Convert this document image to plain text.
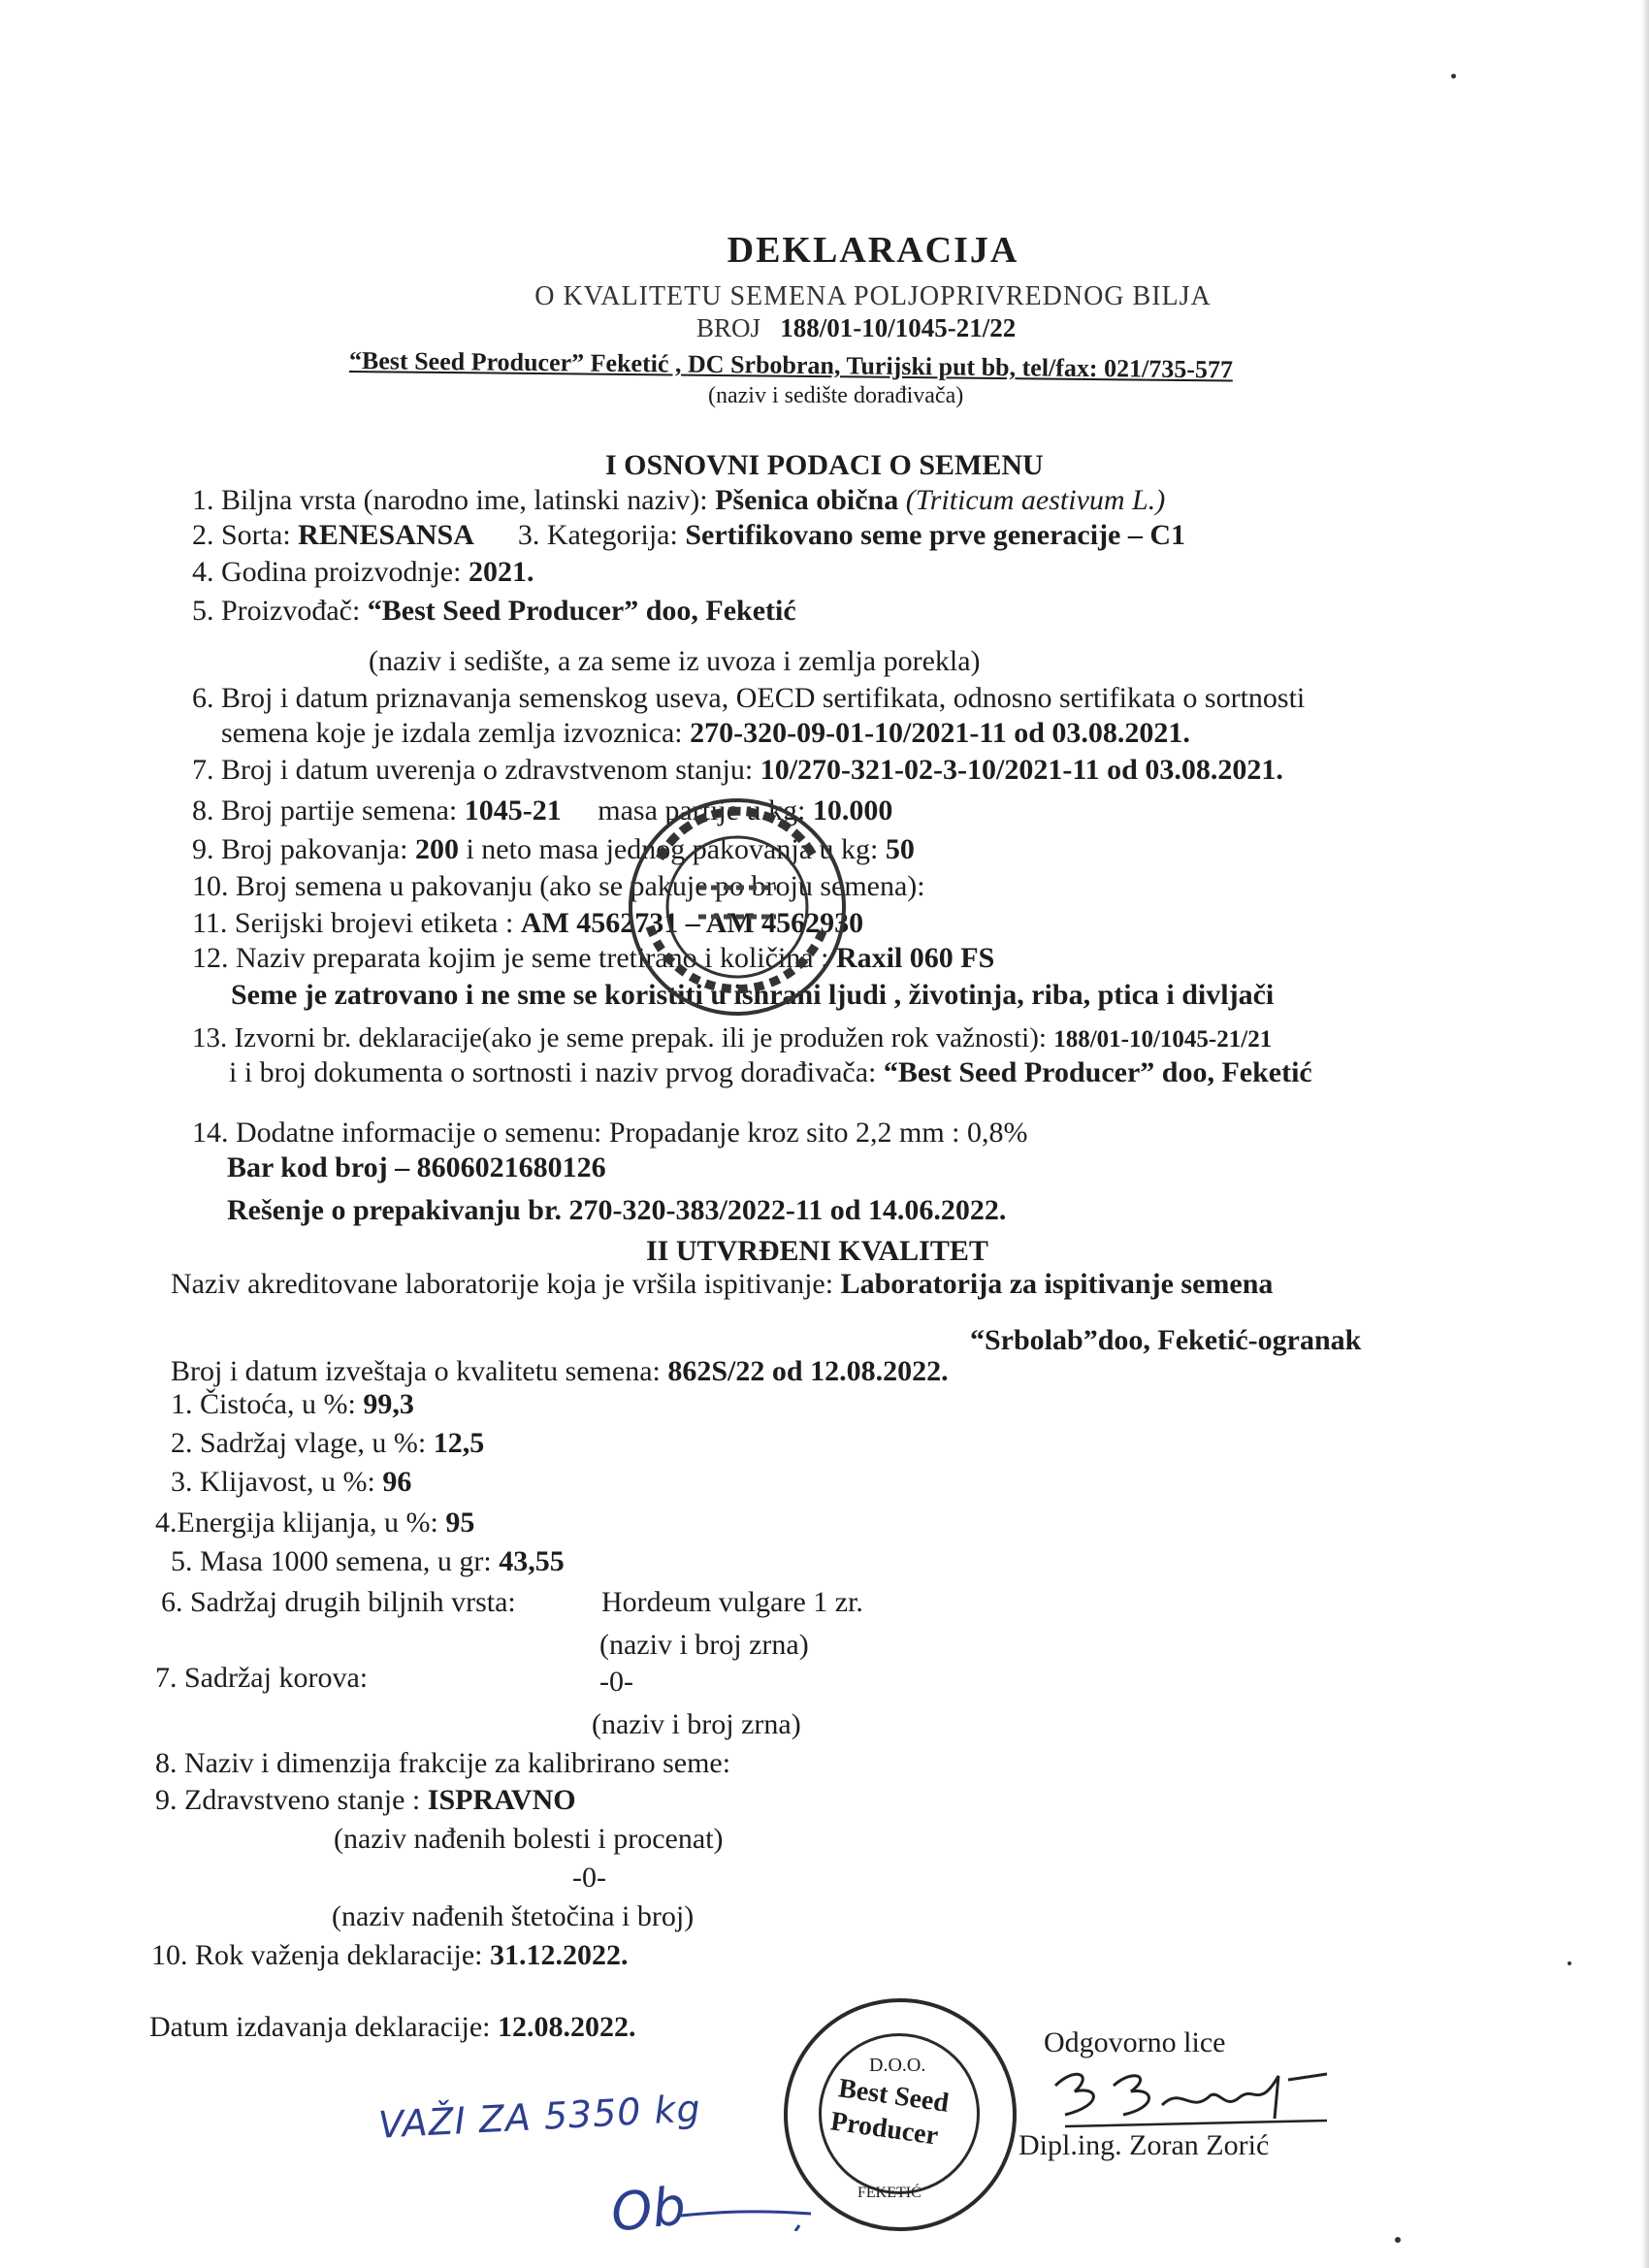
DEKLARACIJA
O KVALITETU SEMENA POLJOPRIVREDNOG BILJA
BROJ 188/01-10/1045-21/22
“Best Seed Producer” Feketić , DC Srbobran, Turijski put bb, tel/fax: 021/735-577
(naziv i sedište dorađivača)
I OSNOVNI PODACI O SEMENU
1. Biljna vrsta (narodno ime, latinski naziv): Pšenica obična (Triticum aestivum L.)
2. Sorta: RENESANSA 3. Kategorija: Sertifikovano seme prve generacije – C1
4. Godina proizvodnje: 2021.
5. Proizvođač: “Best Seed Producer” doo, Feketić
(naziv i sedište, a za seme iz uvoza i zemlja porekla)
6. Broj i datum priznavanja semenskog useva, OECD sertifikata, odnosno sertifikata o sortnosti
semena koje je izdala zemlja izvoznica: 270-320-09-01-10/2021-11 od 03.08.2021.
7. Broj i datum uverenja o zdravstvenom stanju: 10/270-321-02-3-10/2021-11 od 03.08.2021.
8. Broj partije semena: 1045-21 masa partije u kg: 10.000
9. Broj pakovanja: 200 i neto masa jednog pakovanja u kg: 50
10. Broj semena u pakovanju (ako se pakuje po broju semena):
11. Serijski brojevi etiketa : AM 4562731 – AM 4562930
12. Naziv preparata kojim je seme tretirano i količina : Raxil 060 FS
Seme je zatrovano i ne sme se koristiti u ishrani ljudi , životinja, riba, ptica i divljači
13. Izvorni br. deklaracije(ako je seme prepak. ili je produžen rok važnosti): 188/01-10/1045-21/21
i i broj dokumenta o sortnosti i naziv prvog dorađivača: “Best Seed Producer” doo, Feketić
14. Dodatne informacije o semenu: Propadanje kroz sito 2,2 mm : 0,8%
Bar kod broj – 8606021680126
Rešenje o prepakivanju br. 270-320-383/2022-11 od 14.06.2022.
II UTVRĐENI KVALITET
Naziv akreditovane laboratorije koja je vršila ispitivanje: Laboratorija za ispitivanje semena
“Srbolab”doo, Feketić-ogranak
Broj i datum izveštaja o kvalitetu semena: 862S/22 od 12.08.2022.
1. Čistoća, u %: 99,3
2. Sadržaj vlage, u %: 12,5
3. Klijavost, u %: 96
4.Energija klijanja, u %: 95
5. Masa 1000 semena, u gr: 43,55
6. Sadržaj drugih biljnih vrsta:	Hordeum vulgare 1 zr.
(naziv i broj zrna)
7. Sadržaj korova:	-0-
(naziv i broj zrna)
8. Naziv i dimenzija frakcije za kalibrirano seme:
9. Zdravstveno stanje : ISPRAVNO
(naziv nađenih bolesti i procenat)
-0-
(naziv nađenih štetočina i broj)
10. Rok važenja deklaracije: 31.12.2022.
Datum izdavanja deklaracije: 12.08.2022.	Odgovorno lice
Dipl.ing. Zoran Zorić
VAŽI ZA 5350 kg
Ob
D.O.O.
Best Seed
Producer
FEKETIĆ
